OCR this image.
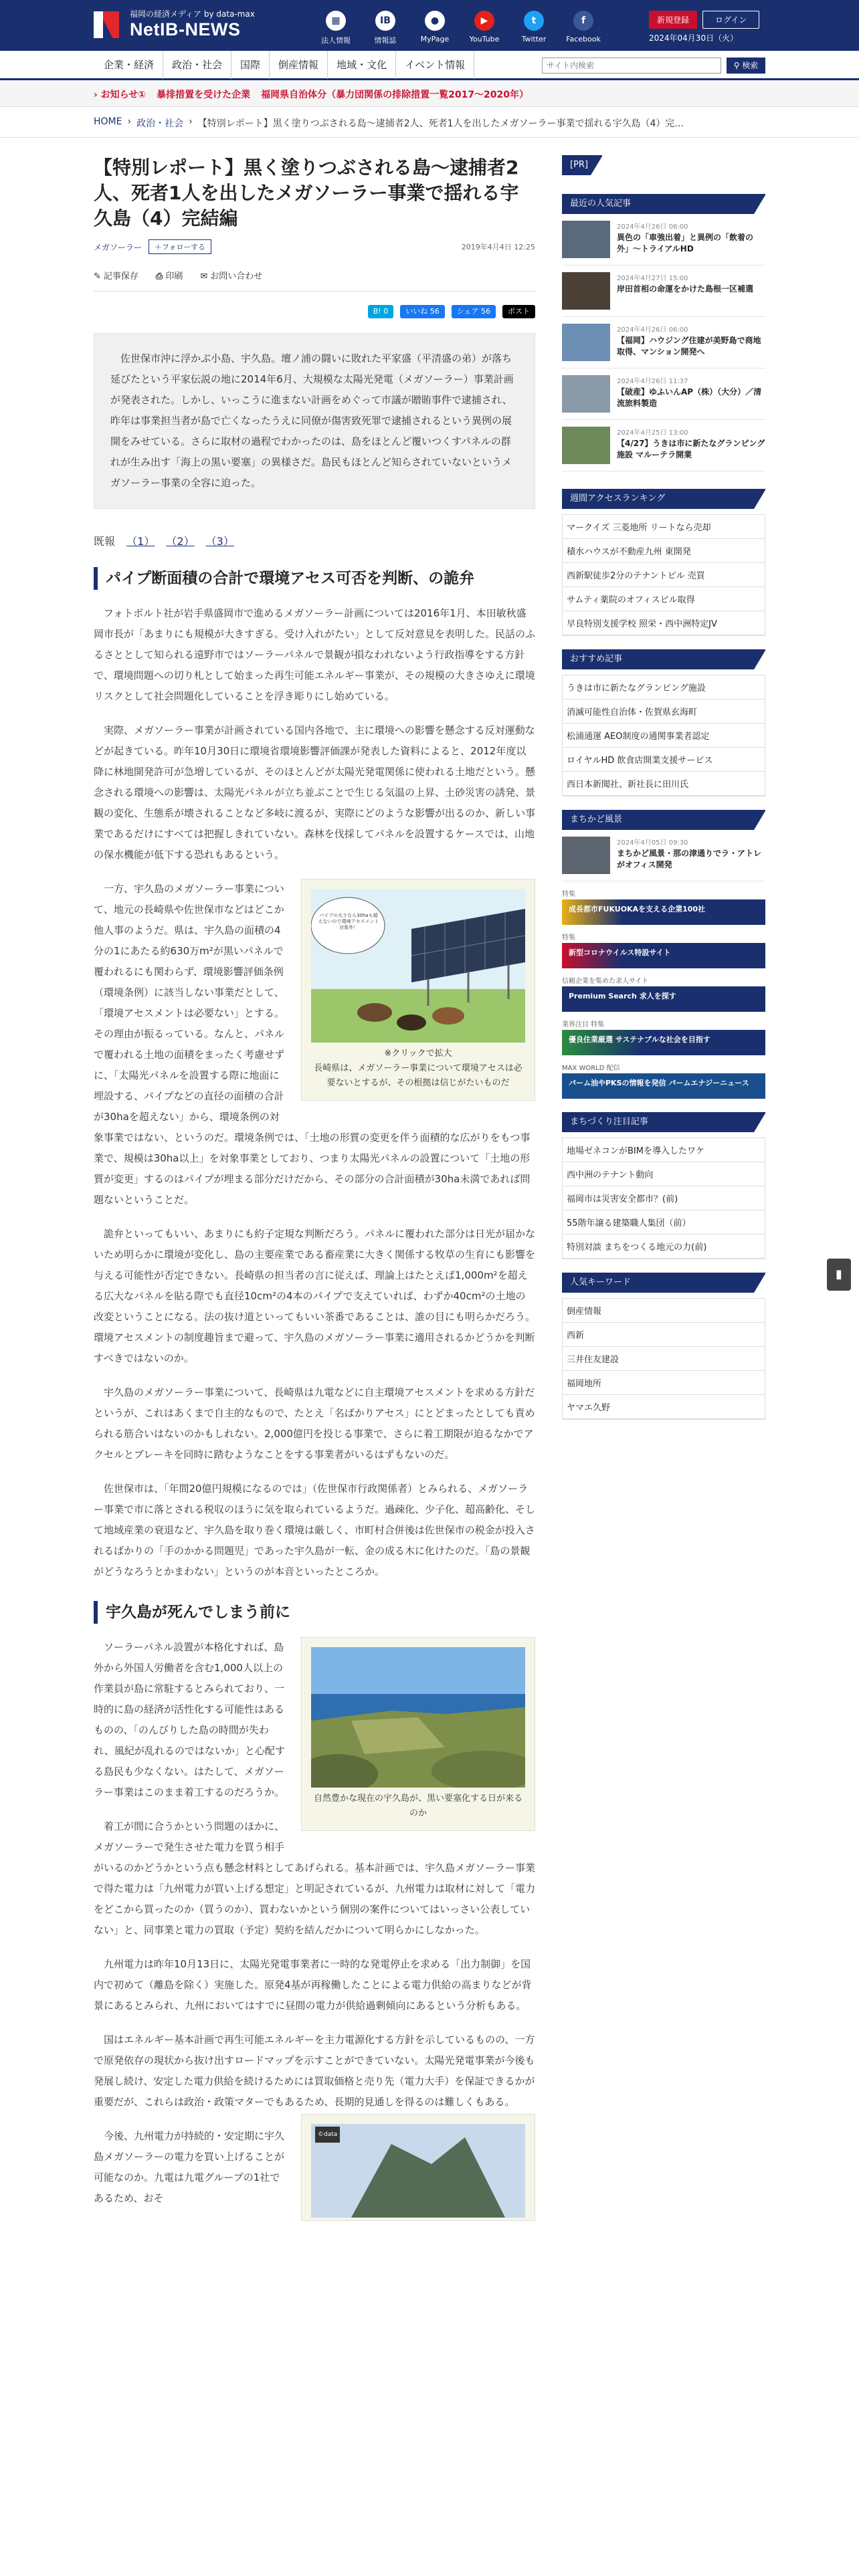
福岡の経済メディア by data-max
NetIB-NEWS	▦
法人情報
IB
情報誌
●
MyPage
▶
YouTube
t
Twitter
f
Facebook
新規登録	ログイン
2024年04月30日（火）
企業・経済	政治・社会	国際	倒産情報	地域・文化	イベント情報
サイト内検索	⚲ 検索
› お知らせ① 暴排措置を受けた企業 福岡県自治体分（暴力団関係の排除措置一覧2017〜2020年）
HOME › 政治・社会 › 【特別レポート】黒く塗りつぶされる島〜逮捕者2人、死者1人を出したメガソーラー事業で揺れる宇久島（4）完...
【特別レポート】黒く塗りつぶされる島〜逮捕者2人、死者1人を出したメガソーラー事業で揺れる宇久島（4）完結編
メガソーラー	＋フォローする	2019年4月4日 12:25
✎ 記事保存 ⎙ 印刷 ✉ お問い合わせ
B! 0	いいね 56	シェア 56	ポスト

佐世保市沖に浮かぶ小島、宇久島。壇ノ浦の闘いに敗れた平家盛（平清盛の弟）が落ち延びたという平家伝説の地に2014年6月、大規模な太陽光発電（メガソーラー）事業計画が発表された。しかし、いっこうに進まない計画をめぐって市議が贈賄事件で逮捕され、昨年は事業担当者が島で亡くなったうえに同僚が傷害致死罪で逮捕されるという異例の展開をみせている。さらに取材の過程でわかったのは、島をほとんど覆いつくすパネルの群れが生み出す「海上の黒い要塞」の異様さだ。島民もほとんど知らされていないというメガソーラー事業の全容に迫った。

既報 （1） （2） （3）
パイプ断面積の合計で環境アセス可否を判断、の詭弁

フォトボルト社が岩手県盛岡市で進めるメガソーラー計画については2016年1月、本田敏秋盛岡市長が「あまりにも規模が大きすぎる。受け入れがたい」として反対意見を表明した。民話のふるさととして知られる遠野市ではソーラーパネルで景観が損なわれないよう行政指導をする方針で、環境問題への切り札として始まった再生可能エネルギー事業が、その規模の大きさゆえに環境リスクとして社会問題化していることを浮き彫りにし始めている。

実際、メガソーラー事業が計画されている国内各地で、主に環境への影響を懸念する反対運動などが起きている。昨年10月30日に環境省環境影響評価課が発表した資料によると、2012年度以降に林地開発許可が急増しているが、そのほとんどが太陽光発電関係に使われる土地だという。懸念される環境への影響は、太陽光パネルが立ち並ぶことで生じる気温の上昇、土砂災害の誘発、景観の変化、生態系が壊されることなど多岐に渡るが、実際にどのような影響が出るのか、新しい事業であるだけにすべては把握しきれていない。森林を伐採してパネルを設置するケースでは、山地の保水機能が低下する恐れもあるという。

パイプの太さなら30haも超えないので環境アセスメント対象外！
※クリックで拡大
長崎県は、メガソーラー事業について環境アセスは必要ないとするが、その根拠は信じがたいものだ

一方、宇久島のメガソーラー事業について、地元の長崎県や佐世保市などはどこか他人事のようだ。県は、宇久島の面積の4分の1にあたる約630万m²が黒いパネルで覆われるにも関わらず、環境影響評価条例（環境条例）に該当しない事業だとして、「環境アセスメントは必要ない」とする。その理由が振るっている。なんと、パネルで覆われる土地の面積をまったく考慮せずに、「太陽光パネルを設置する際に地面に埋設する、パイプなどの直径の面積の合計が30haを超えない」から、環境条例の対象事業ではない、というのだ。環境条例では、「土地の形質の変更を伴う面積的な広がりをもつ事業で、規模は30ha以上」を対象事業としており、つまり太陽光パネルの設置について「土地の形質が変更」するのはパイプが埋まる部分だけだから、その部分の合計面積が30ha未満であれば問題ないということだ。

詭弁といってもいい、あまりにも約子定規な判断だろう。パネルに覆われた部分は日光が届かないため明らかに環境が変化し、島の主要産業である畜産業に大きく関係する牧草の生育にも影響を与える可能性が否定できない。長崎県の担当者の言に従えば、理論上はたとえば1,000m²を超える広大なパネルを貼る際でも直径10cm²の4本のパイプで支えていれば、わずか40cm²の土地の改変ということになる。法の抜け道といってもいい茶番であることは、誰の目にも明らかだろう。環境アセスメントの制度趣旨まで避って、宇久島のメガソーラー事業に適用されるかどうかを判断すべきではないのか。

宇久島のメガソーラー事業について、長崎県は九電などに自主環境アセスメントを求める方針だというが、これはあくまで自主的なもので、たとえ「名ばかりアセス」にとどまったとしても責められる筋合いはないのかもしれない。2,000億円を投じる事業で、さらに着工期限が迫るなかでアクセルとブレーキを同時に踏むようなことをする事業者がいるはずもないのだ。

佐世保市は、「年間20億円規模になるのでは」（佐世保市行政関係者）とみられる、メガソーラー事業で市に落とされる税収のほうに気を取られているようだ。過疎化、少子化、超高齢化、そして地域産業の衰退など、宇久島を取り巻く環境は厳しく、市町村合併後は佐世保市の税金が投入されるばかりの「手のかかる問題児」であった宇久島が一転、金の成る木に化けたのだ。「島の景観がどうなろうとかまわない」というのが本音といったところか。

宇久島が死んでしまう前に
自然豊かな現在の宇久島が、黒い要塞化する日が来るのか

ソーラーパネル設置が本格化すれば、島外から外国人労働者を含む1,000人以上の作業員が島に常駐するとみられており、一時的に島の経済が活性化する可能性はあるものの、「のんびりした島の時間が失われ、風紀が乱れるのではないか」と心配する島民も少なくない。はたして、メガソーラー事業はこのまま着工するのだろうか。

着工が間に合うかという問題のほかに、メガソーラーで発生させた電力を買う相手がいるのかどうかという点も懸念材料としてあげられる。基本計画では、宇久島メガソーラー事業で得た電力は「九州電力が買い上げる想定」と明記されているが、九州電力は取材に対して「電力をどこから買ったのか（買うのか）、買わないかという個別の案件についてはいっさい公表していない」と、同事業と電力の買取（予定）契約を結んだかについて明らかにしなかった。

九州電力は昨年10月13日に、太陽光発電事業者に一時的な発電停止を求める「出力制御」を国内で初めて（離島を除く）実施した。原発4基が再稼働したことによる電力供給の高まりなどが背景にあるとみられ、九州においてはすでに昼間の電力が供給過剰傾向にあるという分析もある。

国はエネルギー基本計画で再生可能エネルギーを主力電源化する方針を示しているものの、一方で原発依存の現状から抜け出すロードマップを示すことができていない。太陽光発電事業が今後も発展し続け、安定した電力供給を続けるためには買取価格と売り先（電力大手）を保証できるかが重要だが、これらは政治・政策マターでもあるため、長期的見通しを得るのは難しくもある。

©data

今後、九州電力が持続的・安定期に宇久島メガソーラーの電力を買い上げることが可能なのか。九電は九電グループの1社であるため、おそ

[PR]
最近の人気記事
2024年4月26日 06:00
異色の「車強出着」と異例の「飲着の外」〜トライアルHD
2024年4月27日 15:00
岸田首相の命運をかけた島根一区補選
2024年4月26日 06:00
【福岡】ハウジング住建が美野島で商地取得、マンション開発へ
2024年4月26日 11:37
【破産】ゆふいんAP（株）（大分）／清流旅料製造
2024年4月25日 13:00
【4/27】うきは市に新たなグランピング施設 マルーテラ開業
週間アクセスランキング
マークイズ 三菱地所 リートなら売却
積水ハウスが不動産九州 東開発
西新駅徒歩2分のテナントビル 売買
サムティ薬院のオフィスビル取得
早良特別支援学校 照栄・西中洲特定JV
おすすめ記事
うきは市に新たなグランピング施設
消滅可能性自治体・佐賀県玄海町
松浦通運 AEO制度の通関事業者認定
ロイヤルHD 飲食店開業支援サービス
西日本新聞社、新社長に田川氏
まちかど風景
2024年4月05日 09:30
まちかど風景・那の津通りでラ・アトレがオフィス開発
特集
成長都市FUKUOKAを支える企業100社
特集
新型コロナウイルス特設サイト
信頼企業を集めた求人サイト
Premium Search 求人を探す
業界注目 特集
優良住業厳選 サステナブルな社会を目指す
MAX WORLD 配信
パーム油やPKSの情報を発信 パームエナジーニュース
まちづくり注目記事
地場ゼネコンがBIMを導入したワケ
西中洲のテナント動向
福岡市は災害安全都市？(前)
55階年譲る建築職人集団（前）
特別対談 まちをつくる地元の力(前)
人気キーワード
倒産情報
西新
三井住友建設
福岡地所
ヤマエ久野
▮
